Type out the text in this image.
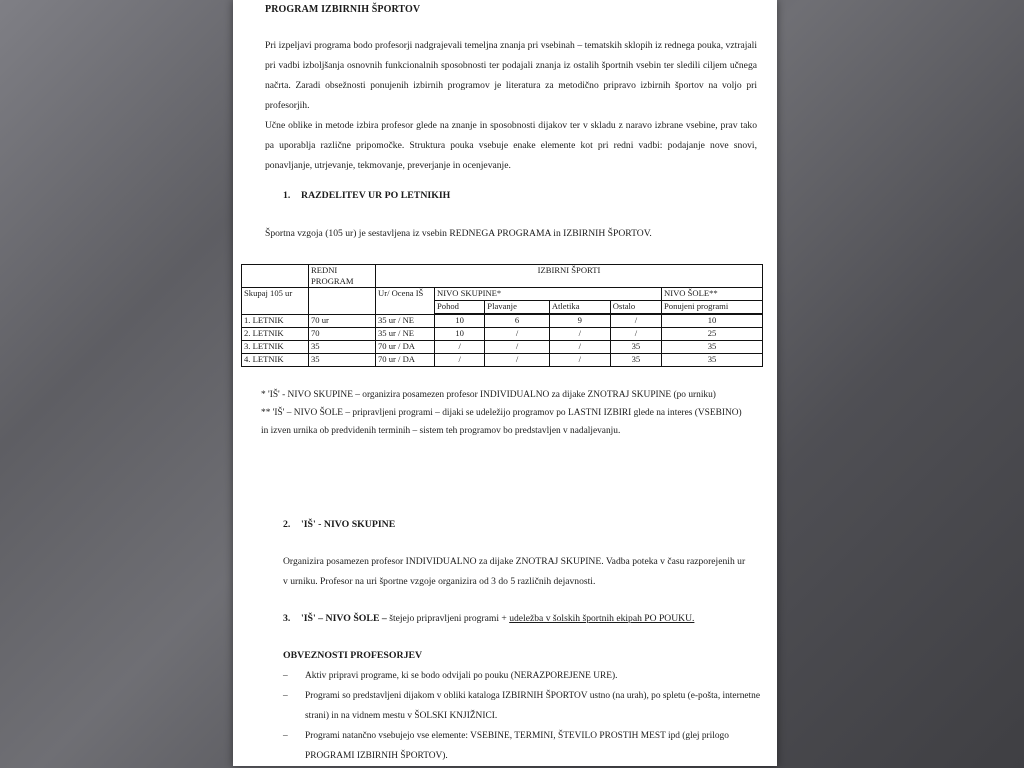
PROGRAM IZBIRNIH ŠPORTOV

Pri izpeljavi programa bodo profesorji nadgrajevali temeljna znanja pri vsebinah – tematskih sklopih iz rednega pouka, vztrajali pri vadbi izboljšanja osnovnih funkcionalnih sposobnosti ter podajali znanja iz ostalih športnih vsebin ter sledili ciljem učnega načrta. Zaradi obsežnosti ponujenih izbirnih programov je literatura za metodično pripravo izbirnih športov na voljo pri profesorjih.

Učne oblike in metode izbira profesor glede na znanje in sposobnosti dijakov ter v skladu z naravo izbrane vsebine, prav tako pa uporablja različne pripomočke. Struktura pouka vsebuje enake elemente kot pri redni vadbi: podajanje nove snovi, ponavljanje, utrjevanje, tekmovanje, preverjanje in ocenjevanje.

1. RAZDELITEV UR PO LETNIKIH
Športna vzgoja (105 ur) je sestavljena iz vsebin REDNEGA PROGRAMA in IZBIRNIH ŠPORTOV.
	REDNI PROGRAM	IZBIRNI ŠPORTI					
Skupaj 105 ur		Ur/ Ocena IŠ	NIVO SKUPINE*				NIVO ŠOLE**
			Pohod	Plavanje	Atletika	Ostalo	Ponujeni programi
1. LETNIK	70 ur	35 ur / NE	10	6	9	/	10
2. LETNIK	70	35 ur / NE	10	/	/	/	25
3. LETNIK	35	70 ur / DA	/	/	/	35	35
4. LETNIK	35	70 ur / DA	/	/	/	35	35

* 'IŠ' - NIVO SKUPINE – organizira posamezen profesor INDIVIDUALNO za dijake ZNOTRAJ SKUPINE (po urniku)

** 'IŠ' – NIVO ŠOLE – pripravljeni programi – dijaki se udeležijo programov po LASTNI IZBIRI glede na interes (VSEBINO) in izven urnika ob predvidenih terminih – sistem teh programov bo predstavljen v nadaljevanju.

2. 'IŠ' - NIVO SKUPINE
Organizira posamezen profesor INDIVIDUALNO za dijake ZNOTRAJ SKUPINE. Vadba poteka v času razporejenih ur v urniku. Profesor na uri športne vzgoje organizira od 3 do 5 različnih dejavnosti.
3. 'IŠ' – NIVO ŠOLE – štejejo pripravljeni programi + udeležba v šolskih športnih ekipah PO POUKU.
OBVEZNOSTI PROFESORJEV
– Aktiv pripravi programe, ki se bodo odvijali po pouku (NERAZPOREJENE URE).
– Programi so predstavljeni dijakom v obliki kataloga IZBIRNIH ŠPORTOV ustno (na urah), po spletu (e-pošta, internetne strani) in na vidnem mestu v ŠOLSKI KNJIŽNICI.
– Programi natančno vsebujejo vse elemente: VSEBINE, TERMINI, ŠTEVILO PROSTIH MEST ipd (glej prilogo PROGRAMI IZBIRNIH ŠPORTOV).
